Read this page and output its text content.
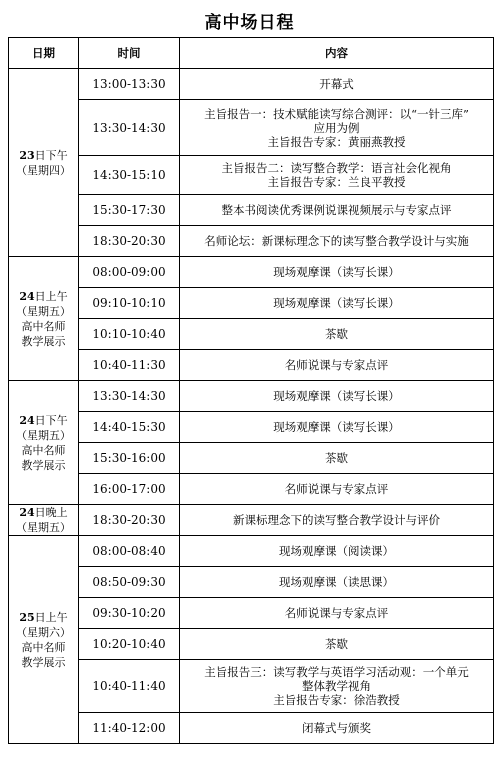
高中场日程
日期	时间	内容
23日下午
（星期四）	13:00-13:30	开幕式

	13:30-14:30	主旨报告一：技术赋能读写综合测评：以“一针三库”
应用为例
主旨报告专家：黄丽燕教授

	14:30-15:10	主旨报告二：读写整合教学：语言社会化视角
主旨报告专家：兰良平教授

	15:30-17:30	整本书阅读优秀课例说课视频展示与专家点评

	18:30-20:30	名师论坛：新课标理念下的读写整合教学设计与实施

24日上午
（星期五）
高中名师
教学展示	08:00-09:00	现场观摩课（读写长课）

	09:10-10:10	现场观摩课（读写长课）

	10:10-10:40	茶歇

	10:40-11:30	名师说课与专家点评

24日下午
（星期五）
高中名师
教学展示	13:30-14:30	现场观摩课（读写长课）

	14:40-15:30	现场观摩课（读写长课）

	15:30-16:00	茶歇

	16:00-17:00	名师说课与专家点评

24日晚上
（星期五）	18:30-20:30	新课标理念下的读写整合教学设计与评价

25日上午
（星期六）
高中名师
教学展示	08:00-08:40	现场观摩课（阅读课）

	08:50-09:30	现场观摩课（读思课）

	09:30-10:20	名师说课与专家点评

	10:20-10:40	茶歇

	10:40-11:40	主旨报告三：读写教学与英语学习活动观：一个单元
整体教学视角
主旨报告专家：徐浩教授

	11:40-12:00	闭幕式与颁奖
